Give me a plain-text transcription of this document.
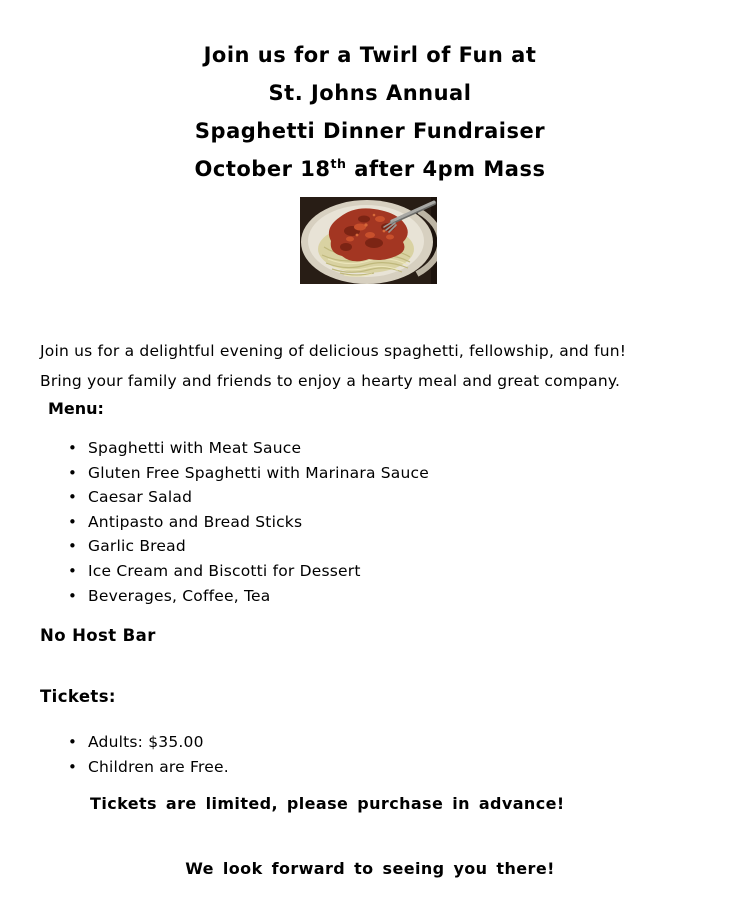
Join us for a Twirl of Fun at
St. Johns Annual
Spaghetti Dinner Fundraiser
October 18th after 4pm Mass
Join us for a delightful evening of delicious spaghetti, fellowship, and fun!
Bring your family and friends to enjoy a hearty meal and great company.
Menu:
• Spaghetti with Meat Sauce
• Gluten Free Spaghetti with Marinara Sauce
• Caesar Salad
• Antipasto and Bread Sticks
• Garlic Bread
• Ice Cream and Biscotti for Dessert
• Beverages, Coffee, Tea
No Host Bar
Tickets:
• Adults: $35.00
• Children are Free.
Tickets are limited, please purchase in advance!
We look forward to seeing you there!
